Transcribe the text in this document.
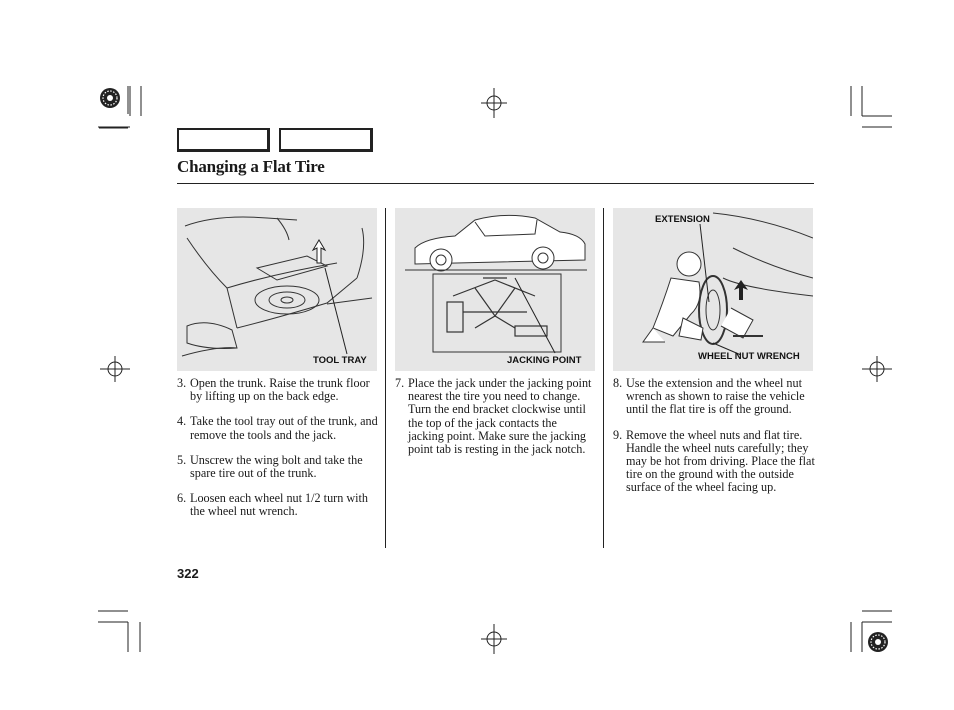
Changing a Flat Tire
TOOL TRAY	JACKING POINT
EXTENSION
WHEEL NUT WRENCH
3. Open the trunk. Raise the trunk floor by lifting up on the back edge.
4. Take the tool tray out of the trunk, and remove the tools and the jack.
5. Unscrew the wing bolt and take the spare tire out of the trunk.
6. Loosen each wheel nut 1/2 turn with the wheel nut wrench.
7. Place the jack under the jacking point nearest the tire you need to change. Turn the end bracket clockwise until the top of the jack contacts the jacking point. Make sure the jacking point tab is resting in the jack notch.
8. Use the extension and the wheel nut wrench as shown to raise the vehicle until the flat tire is off the ground.
9. Remove the wheel nuts and flat tire. Handle the wheel nuts carefully; they may be hot from driving. Place the flat tire on the ground with the outside surface of the wheel facing up.
322
